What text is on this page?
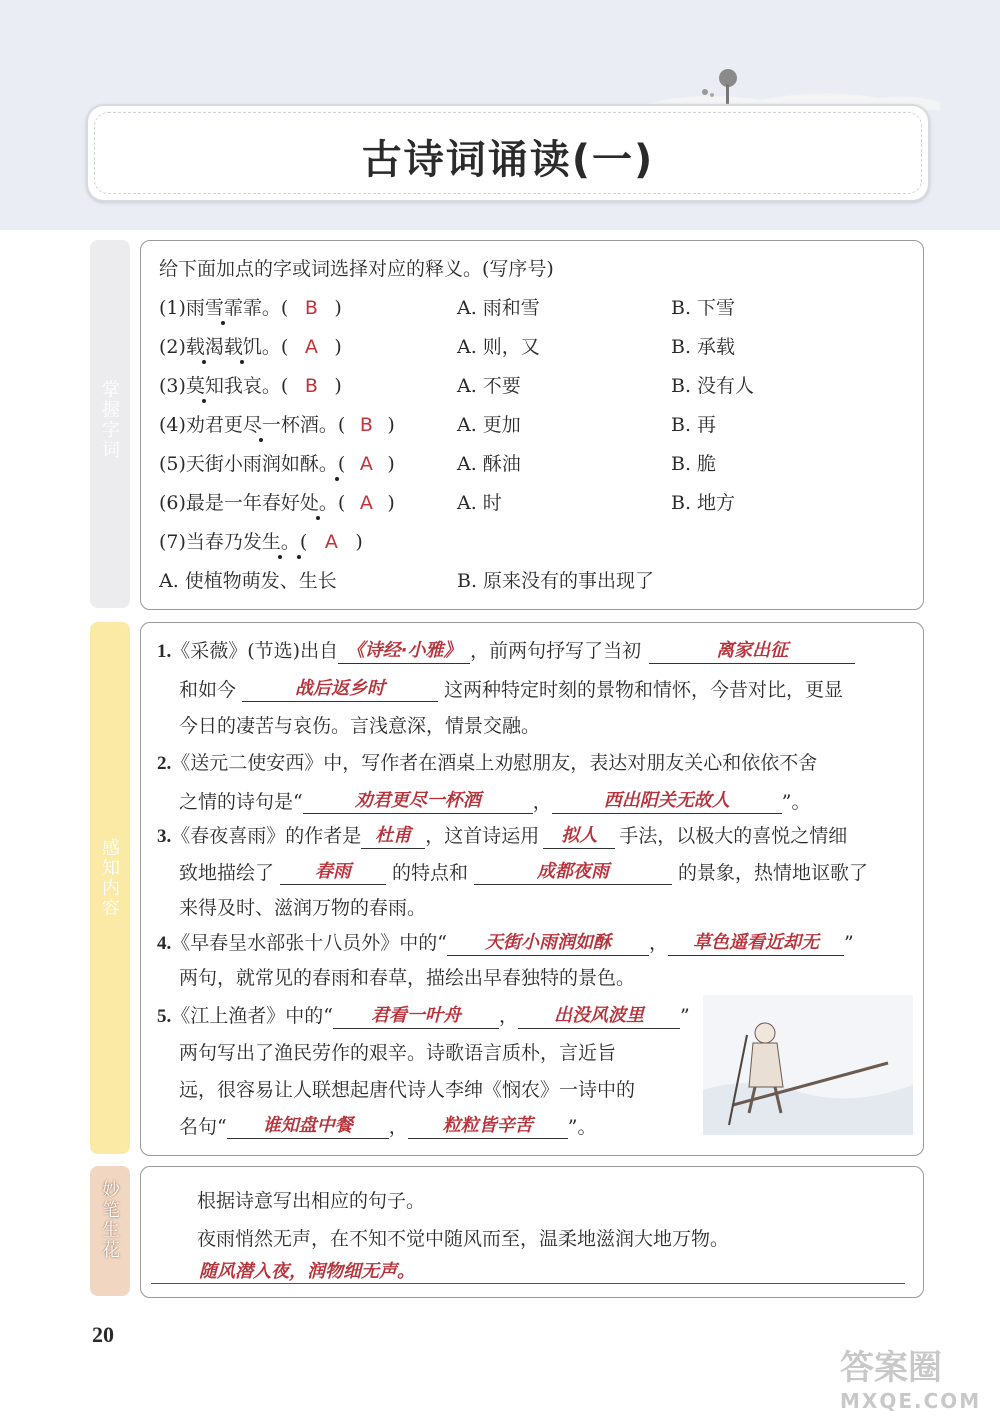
古诗词诵读(一)
掌握字词
给下面加点的字或词选择对应的释义。(写序号)
(1)雨雪霏霏。( B )	A. 雨和雪	B. 下雪
(2)载渴载饥。( A )	A. 则，又	B. 承载
(3)莫知我哀。( B )	A. 不要	B. 没有人
(4)劝君更尽一杯酒。( B )	A. 更加	B. 再
(5)天街小雨润如酥。( A )	A. 酥油	B. 脆
(6)最是一年春好处。( A )	A. 时	B. 地方
(7)当春乃发生。( A )
A. 使植物萌发、生长	B. 原来没有的事出现了
感知内容
1.《采薇》(节选)出自 《诗经·小雅》 ，前两句抒写了当初	离家出征
和如今	战后返乡时	这两种特定时刻的景物和情怀，今昔对比，更显
今日的凄苦与哀伤。言浅意深，情景交融。
2.《送元二使安西》中，写作者在酒桌上劝慰朋友，表达对朋友关心和依依不舍
之情的诗句是“	劝君更尽一杯酒	，	西出阳关无故人	”。
3.《春夜喜雨》的作者是 杜甫 ，这首诗运用 拟人 手法，以极大的喜悦之情细
致地描绘了 春雨 的特点和	成都夜雨	的景象，热情地讴歌了
来得及时、滋润万物的春雨。
4.《早春呈水部张十八员外》中的“ 天街小雨润如酥 ， 草色遥看近却无 ”
两句，就常见的春雨和春草，描绘出早春独特的景色。
5.《江上渔者》中的“ 君看一叶舟 ， 出没风波里 ”
两句写出了渔民劳作的艰辛。诗歌语言质朴，言近旨
远，很容易让人联想起唐代诗人李绅《悯农》一诗中的
名句“ 谁知盘中餐 ， 粒粒皆辛苦 ”。
妙笔生花	根据诗意写出相应的句子。
夜雨悄然无声，在不知不觉中随风而至，温柔地滋润大地万物。
随风潜入夜，润物细无声。
20
答案圈
MXQE.COM
